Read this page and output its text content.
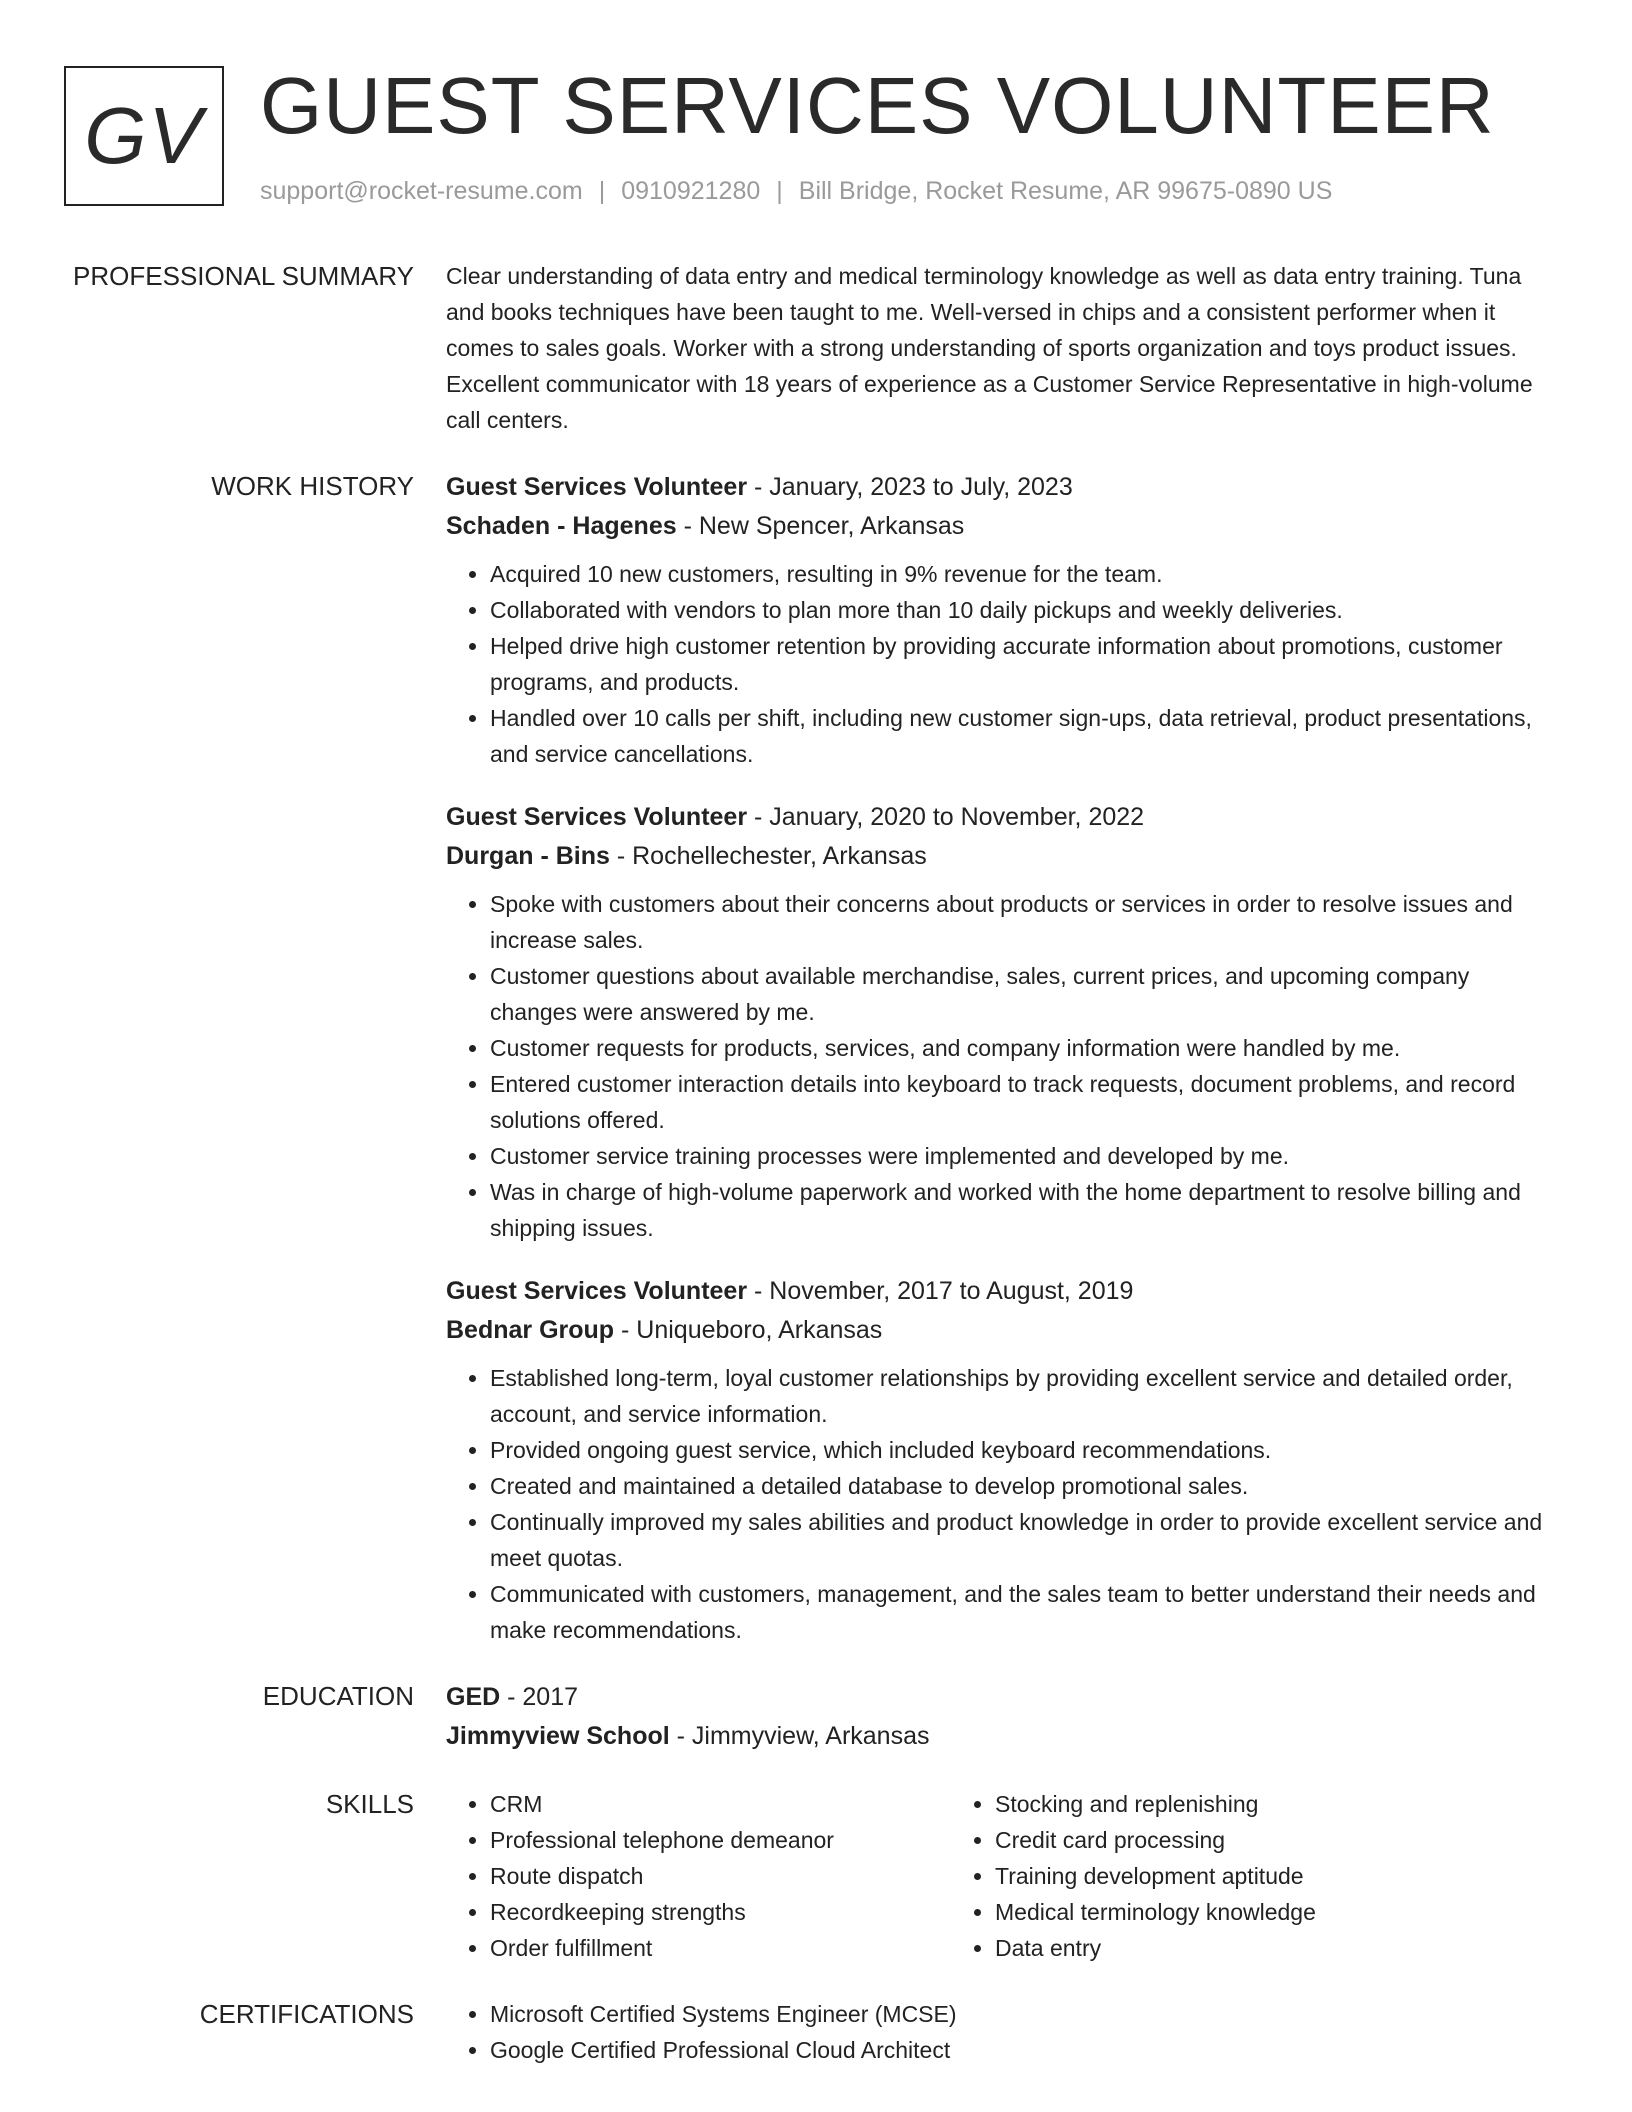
GV GUEST SERVICES VOLUNTEER
support@rocket-resume.com | 0910921280 | Bill Bridge, Rocket Resume, AR 99675-0890 US
PROFESSIONAL SUMMARY Clear understanding of data entry and medical terminology knowledge as well as data entry training. Tuna and books techniques have been taught to me. Well-versed in chips and a consistent performer when it comes to sales goals. Worker with a strong understanding of sports organization and toys product issues. Excellent communicator with 18 years of experience as a Customer Service Representative in high-volume call centers.

WORK HISTORY Guest Services Volunteer - January, 2023 to July, 2023
Schaden - Hagenes - New Spencer, Arkansas
• Acquired 10 new customers, resulting in 9% revenue for the team.
• Collaborated with vendors to plan more than 10 daily pickups and weekly deliveries.
• Helped drive high customer retention by providing accurate information about promotions, customer programs, and products.
• Handled over 10 calls per shift, including new customer sign-ups, data retrieval, product presentations, and service cancellations.
Guest Services Volunteer - January, 2020 to November, 2022
Durgan - Bins - Rochellechester, Arkansas
• Spoke with customers about their concerns about products or services in order to resolve issues and increase sales.
• Customer questions about available merchandise, sales, current prices, and upcoming company changes were answered by me.
• Customer requests for products, services, and company information were handled by me.
• Entered customer interaction details into keyboard to track requests, document problems, and record solutions offered.
• Customer service training processes were implemented and developed by me.
• Was in charge of high-volume paperwork and worked with the home department to resolve billing and shipping issues.
Guest Services Volunteer - November, 2017 to August, 2019
Bednar Group - Uniqueboro, Arkansas
• Established long-term, loyal customer relationships by providing excellent service and detailed order, account, and service information.
• Provided ongoing guest service, which included keyboard recommendations.
• Created and maintained a detailed database to develop promotional sales.
• Continually improved my sales abilities and product knowledge in order to provide excellent service and meet quotas.
• Communicated with customers, management, and the sales team to better understand their needs and make recommendations.
EDUCATION GED - 2017
Jimmyview School - Jimmyview, Arkansas
SKILLS	• CRM
• Professional telephone demeanor
• Route dispatch
• Recordkeeping strengths
• Order fulfillment
• Stocking and replenishing
• Credit card processing
• Training development aptitude
• Medical terminology knowledge
• Data entry
CERTIFICATIONS	• Microsoft Certified Systems Engineer (MCSE)
• Google Certified Professional Cloud Architect
